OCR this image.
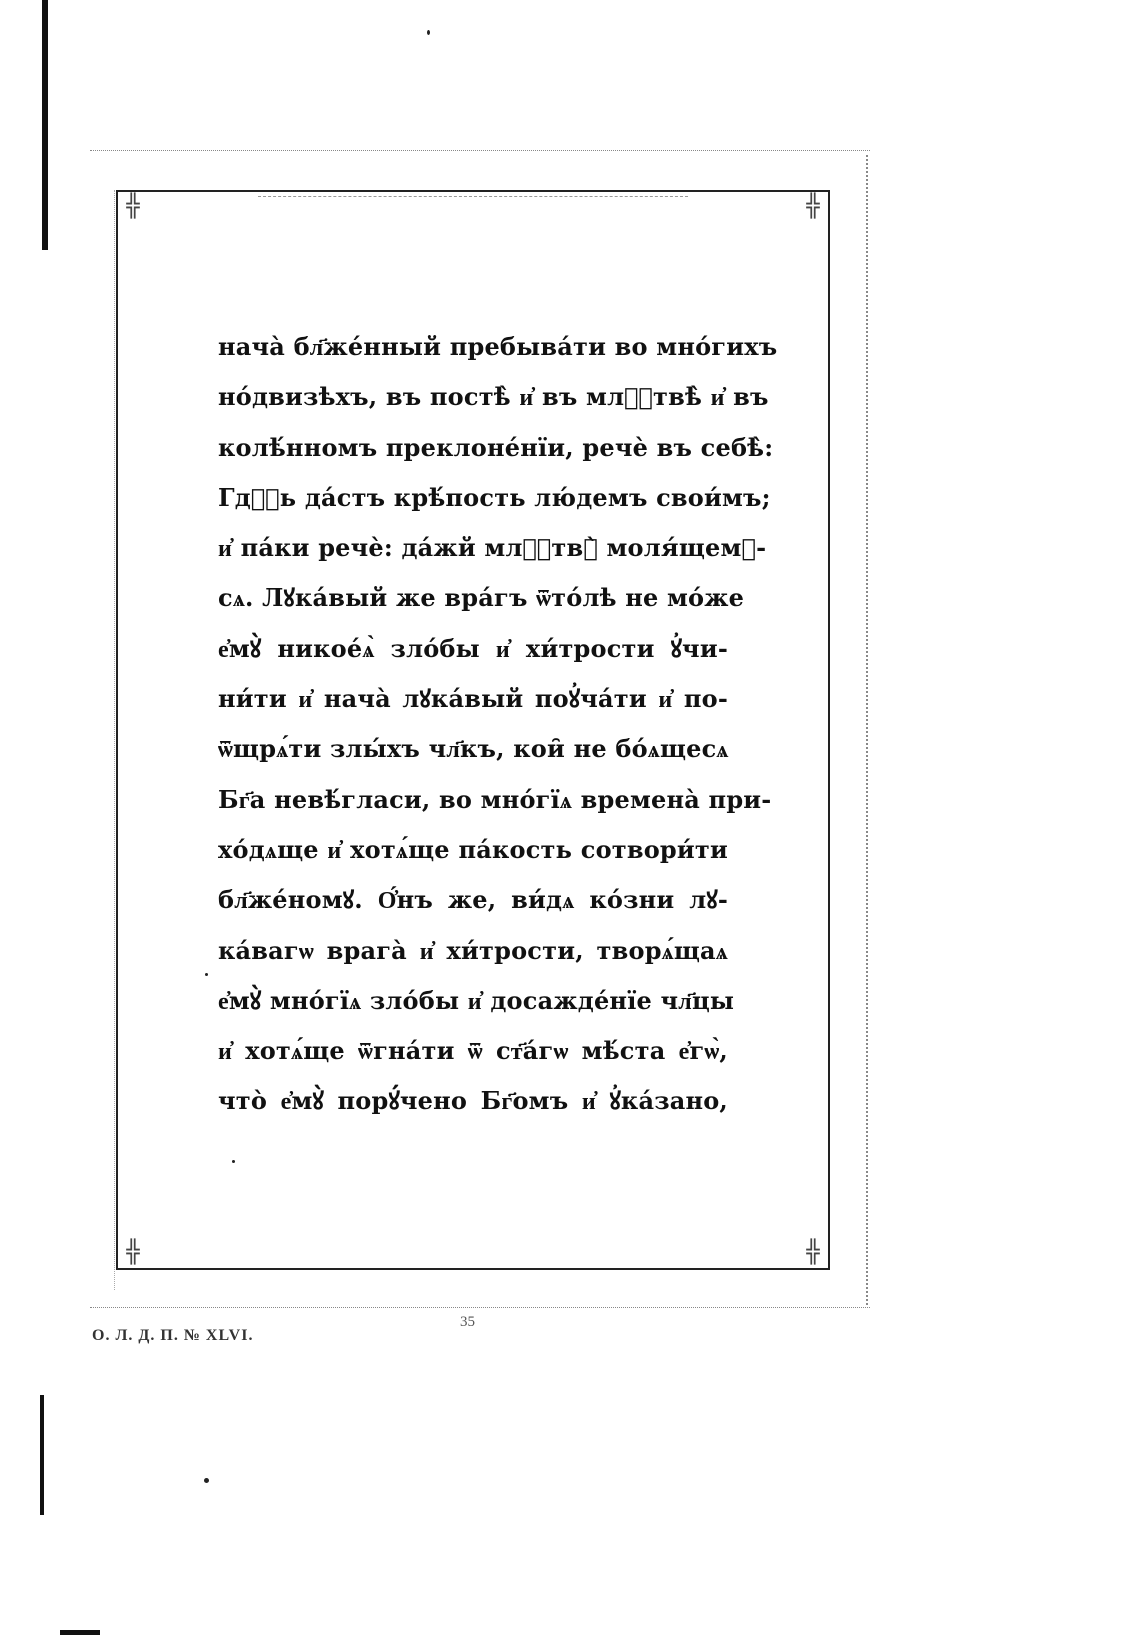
╬	╬
╬	╬
нача̀ бл҃же́нный пребыва́ти во мно́гихъ
но́двизѣхъ, въ постѣ̀ и҆ въ млⷭ҇твѣ̀ и҆ въ
колѣ́нномъ преклоне́нїи, речѐ въ себѣ̀:
Гдⷭ҇ь да́стъ крѣ́пость лю́демъ свои́мъ;
и҆ па́ки речѐ: да́жй млⷭ҇твꙋ̀ моля́щемꙋ-
сѧ. Лꙋка́вый же вра́гъ ѿто́лѣ не мо́же
е҆мꙋ̀ никое́ѧ̀ зло́бы и҆ хи́трости ꙋ҆чи-
ни́ти и҆ нача̀ лꙋка́вый поꙋ҆ча́ти и҆ по-
ѿщрѧ́ти злы́хъ чл҃къ, кои̑ не бо́ѧщесѧ
Бг҃а невѣ́гласи, во мно́гїѧ времена̀ при-
хо́дѧще и҆ хотѧ́ще па́кость сотвори́ти
бл҃же́номꙋ. О҆́нъ же, ви́дѧ ко́зни лꙋ-
ка́вагѡ врага̀ и҆ хи́трости, творѧ́щаѧ
е҆мꙋ̀ мно́гїѧ зло́бы и҆ досажде́нїе чл҃цы
и҆ хотѧ́ще ѿгна́ти ѿ ст҃а́гѡ мѣ́ста е҆гѡ̀,
что̀ е҆мꙋ̀ порꙋ́чено Бг҃омъ и҆ ꙋ҆ка́зано,
О. Л. Д. П. № XLVI.
35
